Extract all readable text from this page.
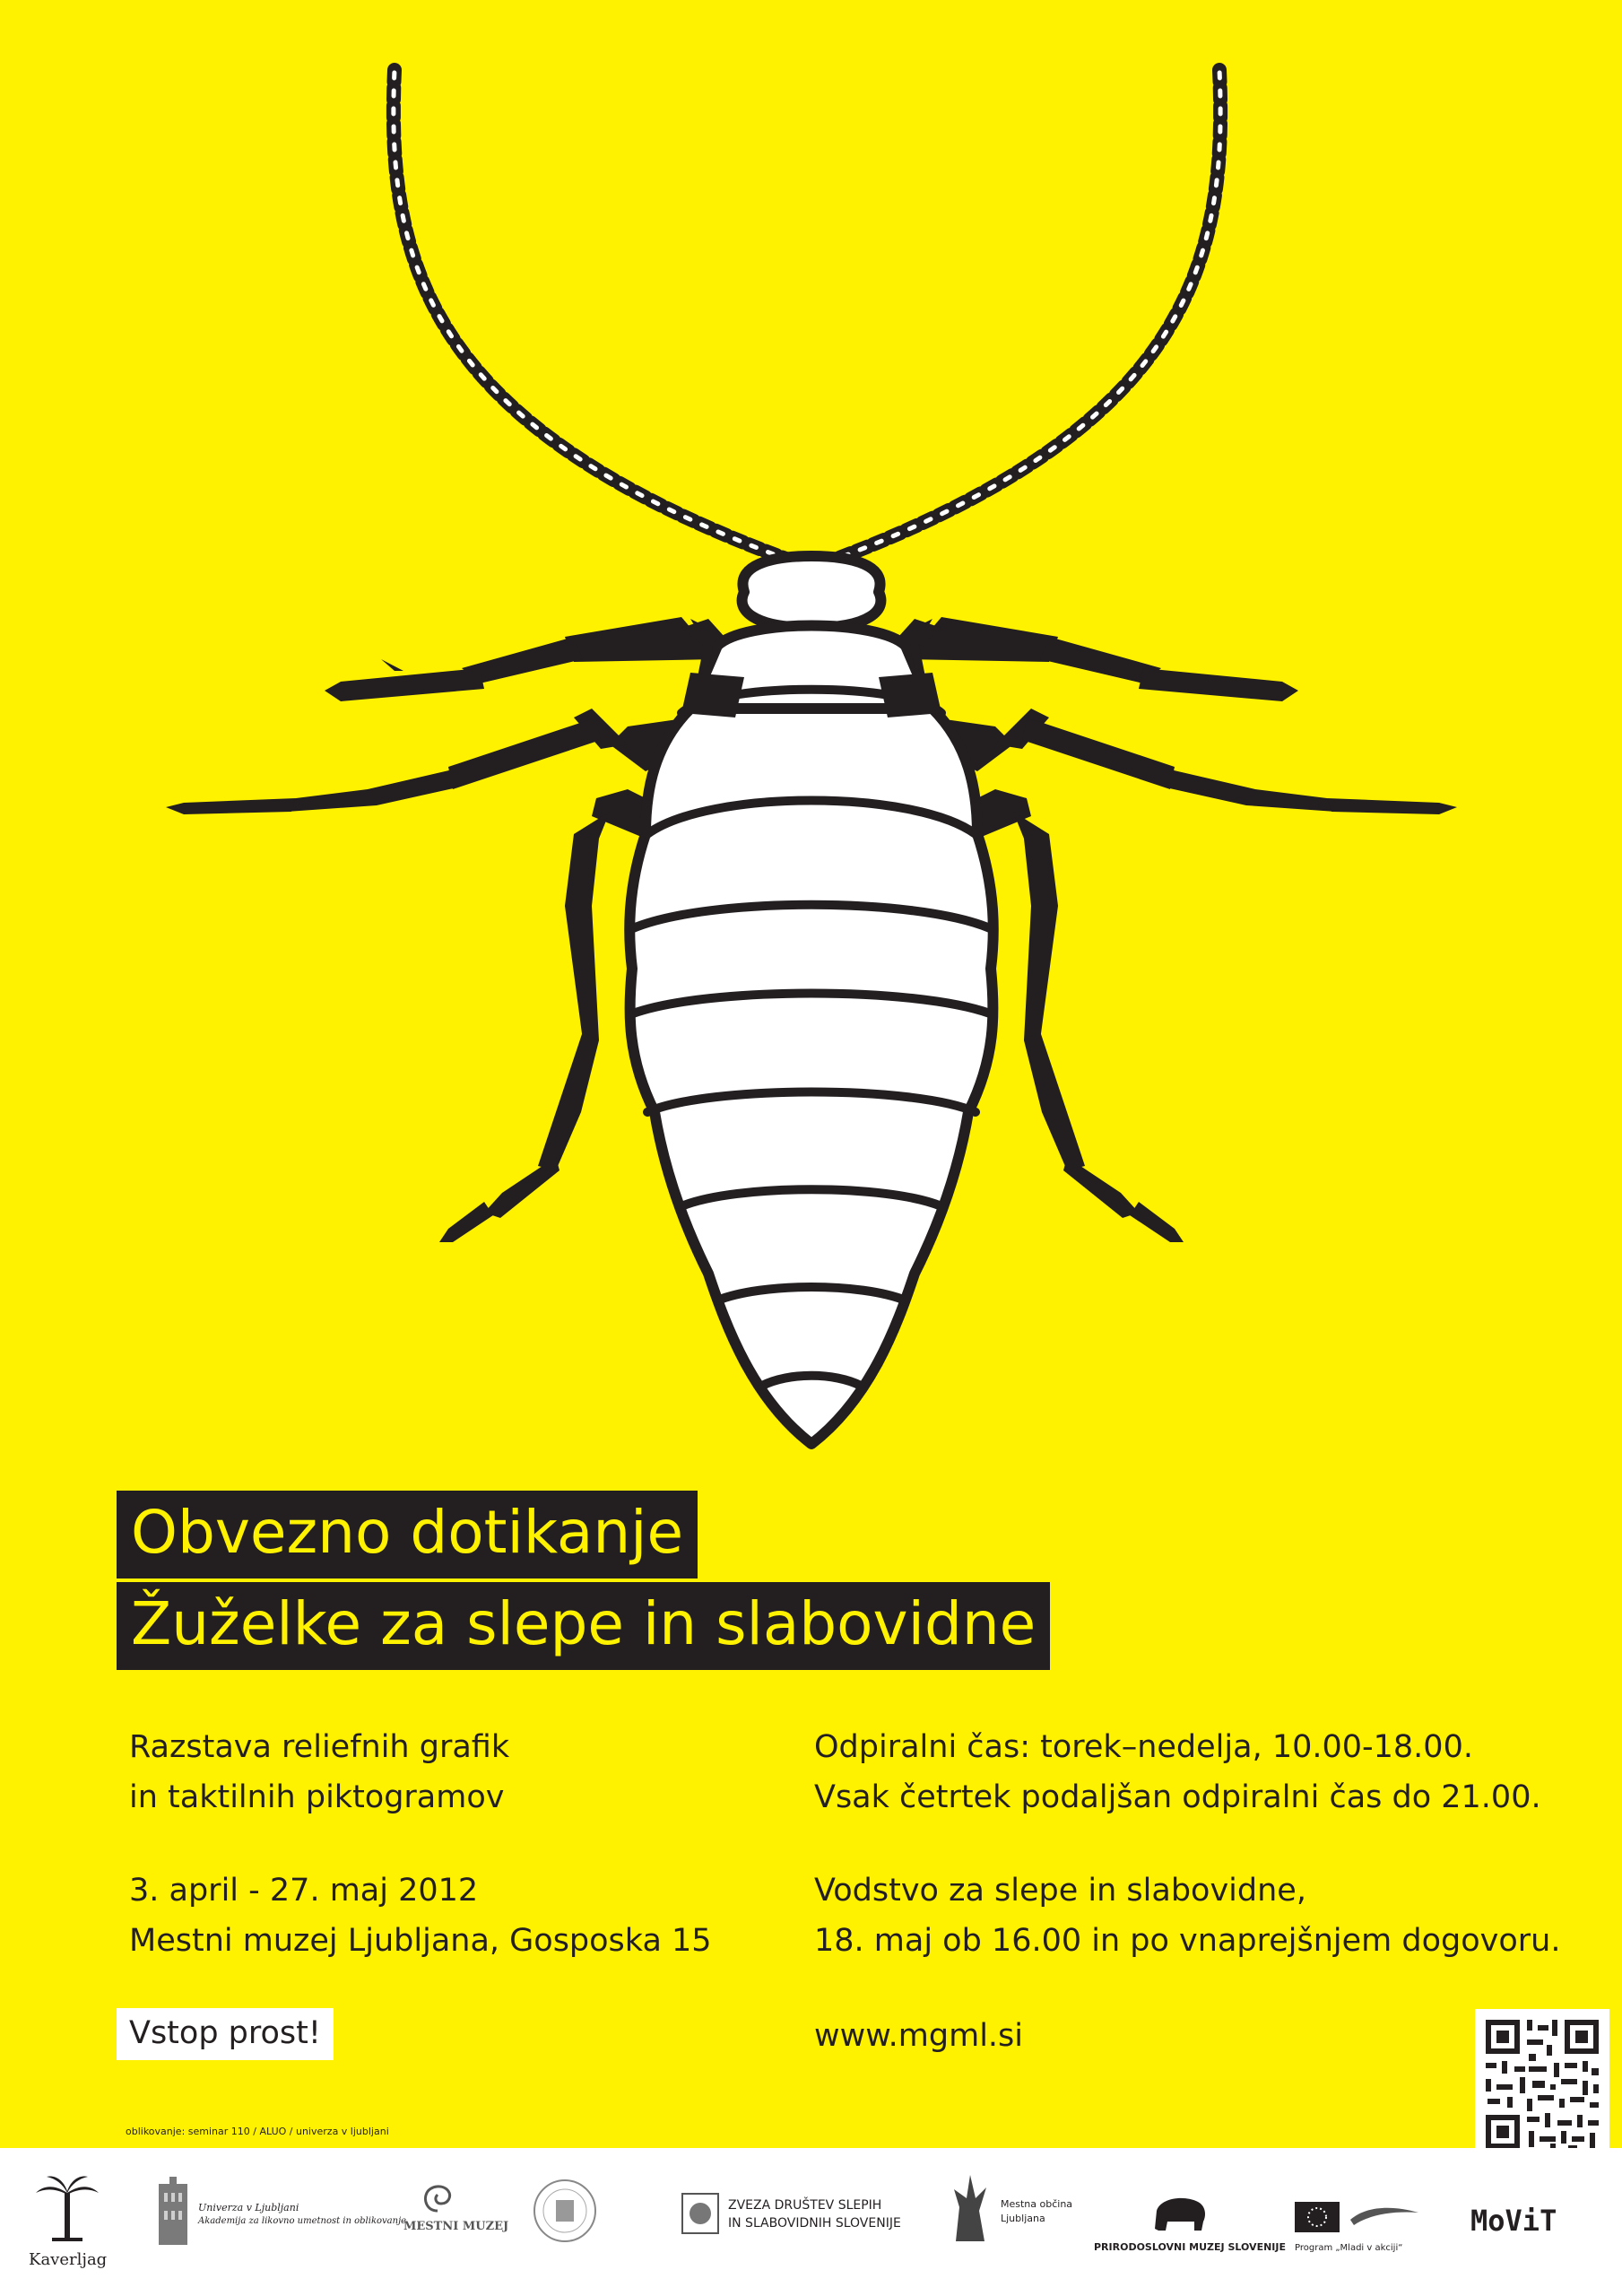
Obvezno dotikanje
Žuželke za slepe in slabovidne
Razstava reliefnih grafik
in taktilnih piktogramov
3. april - 27. maj 2012
Mestni muzej Ljubljana, Gosposka 15
Odpiralni čas: torek–nedelja, 10.00-18.00.
Vsak četrtek podaljšan odpiralni čas do 21.00.
Vodstvo za slepe in slabovidne,
18. maj ob 16.00 in po vnaprejšnjem dogovoru.
www.mgml.si
Vstop prost!
oblikovanje: seminar 110 / ALUO / univerza v ljubljani
Kaverljag
Univerza v Ljubljani
Akademija za likovno umetnost in oblikovanje
MESTNI MUZEJ
ZVEZA DRUŠTEV SLEPIH
IN SLABOVIDNIH SLOVENIJE
Mestna občina
Ljubljana
PRIRODOSLOVNI MUZEJ SLOVENIJE Program „Mladi v akciji“
MoViT
